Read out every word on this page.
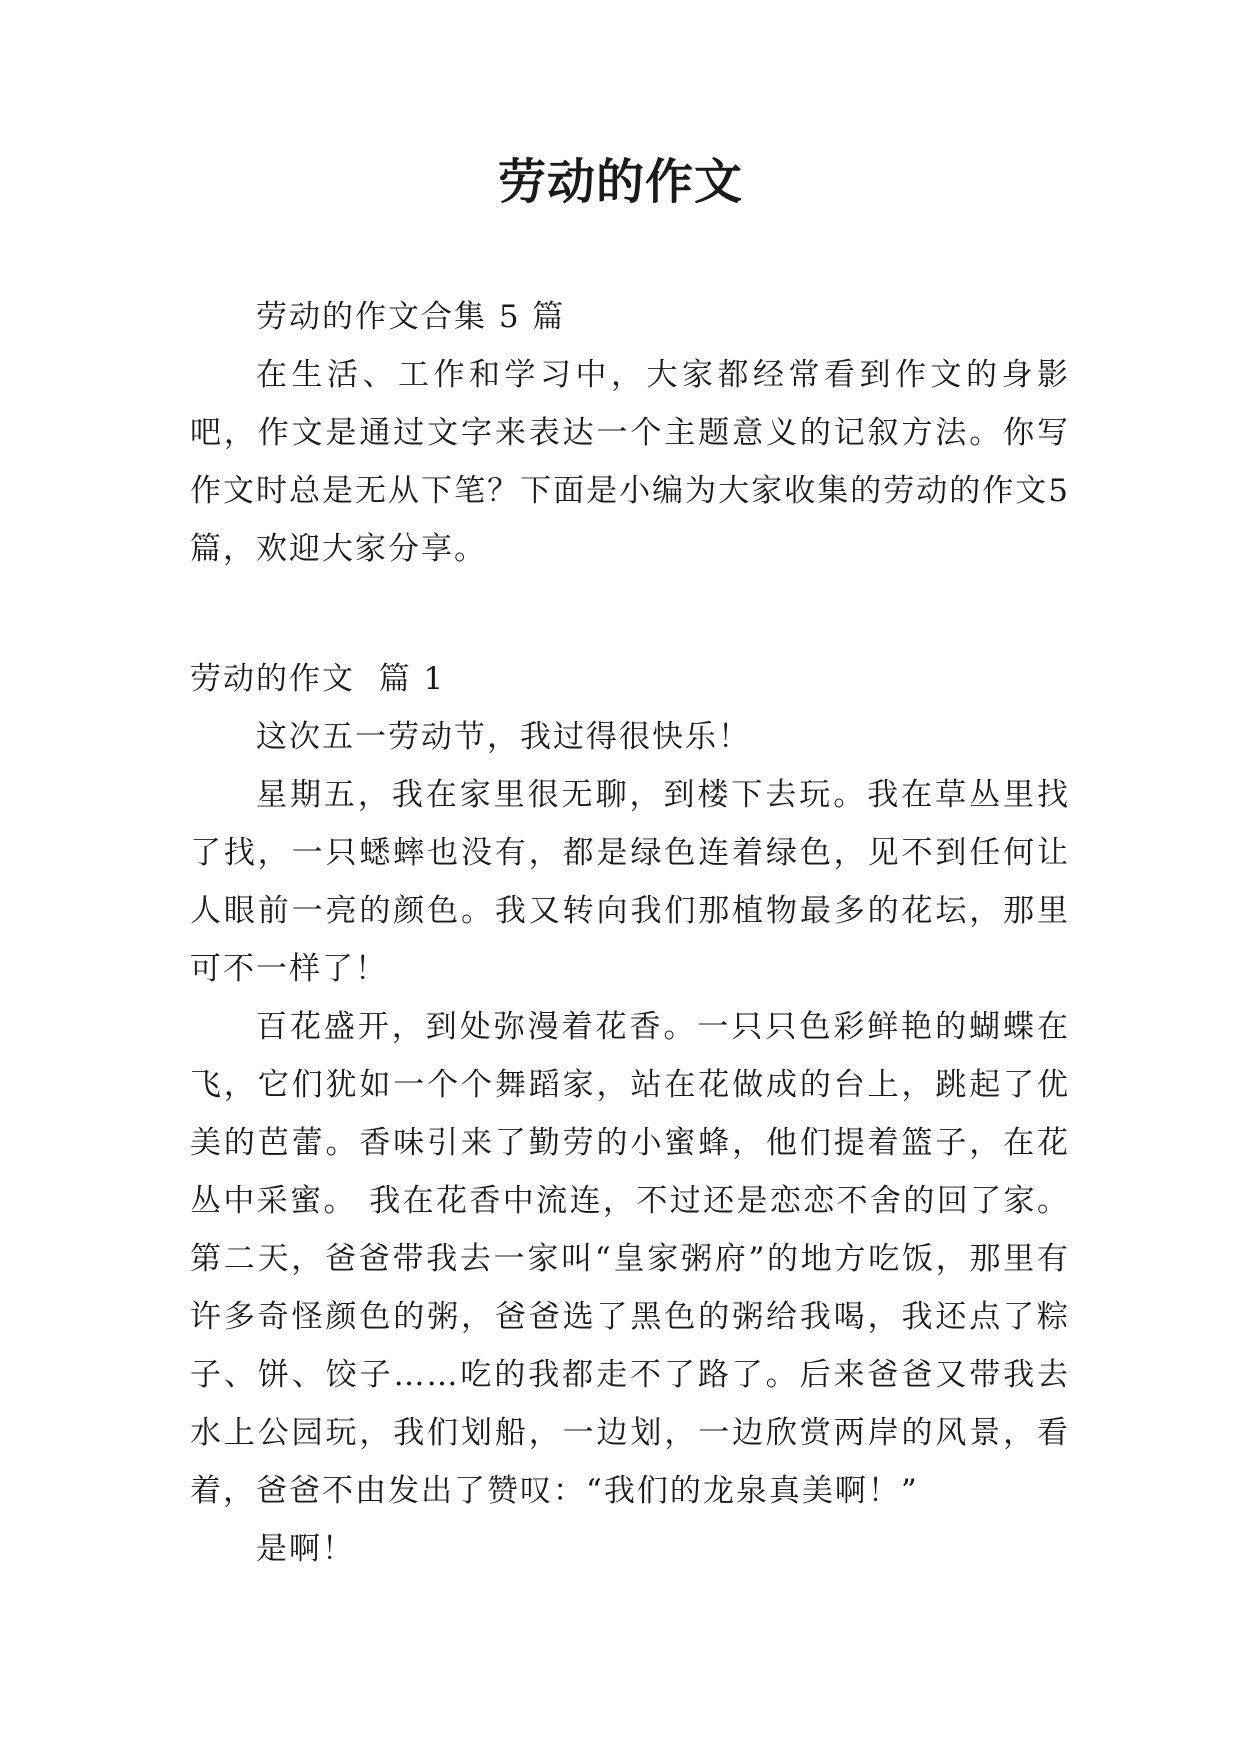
劳动的作文

劳动的作文合集 5 篇

在生活、工作和学习中，大家都经常看到作文的身影吧，作文是通过文字来表达一个主题意义的记叙方法。你写作文时总是无从下笔？下面是小编为大家收集的劳动的作文5篇，欢迎大家分享。

劳动的作文  篇 1

这次五一劳动节，我过得很快乐！

星期五，我在家里很无聊，到楼下去玩。我在草丛里找了找，一只蟋蟀也没有，都是绿色连着绿色，见不到任何让人眼前一亮的颜色。我又转向我们那植物最多的花坛，那里可不一样了！

百花盛开，到处弥漫着花香。一只只色彩鲜艳的蝴蝶在飞，它们犹如一个个舞蹈家，站在花做成的台上，跳起了优美的芭蕾。香味引来了勤劳的小蜜蜂，他们提着篮子，在花丛中采蜜。 我在花香中流连，不过还是恋恋不舍的回了家。第二天，爸爸带我去一家叫“皇家粥府”的地方吃饭，那里有许多奇怪颜色的粥，爸爸选了黑色的粥给我喝，我还点了粽子、饼、饺子……吃的我都走不了路了。后来爸爸又带我去水上公园玩，我们划船，一边划，一边欣赏两岸的风景，看着，爸爸不由发出了赞叹：“我们的龙泉真美啊！”

是啊！
